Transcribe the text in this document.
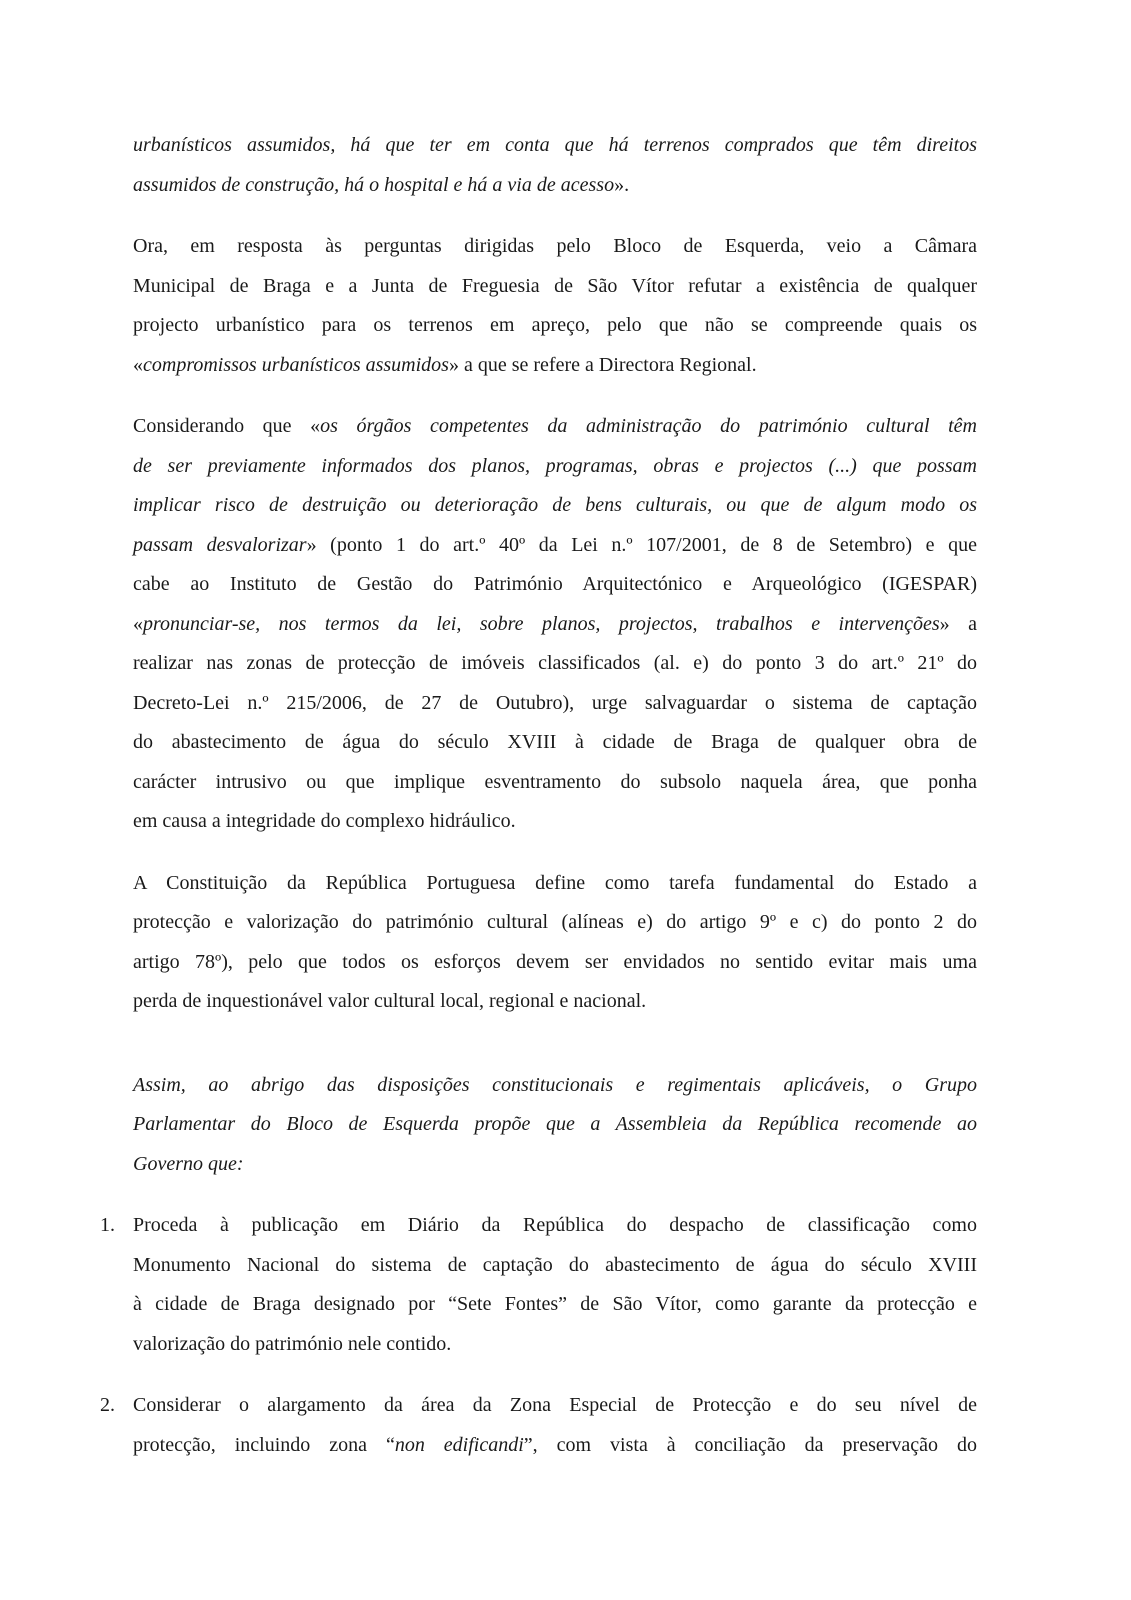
urbanísticos assumidos, há que ter em conta que há terrenos comprados que têm direitos
assumidos de construção, há o hospital e há a via de acesso».
Ora, em resposta às perguntas dirigidas pelo Bloco de Esquerda, veio a Câmara
Municipal de Braga e a Junta de Freguesia de São Vítor refutar a existência de qualquer
projecto urbanístico para os terrenos em apreço, pelo que não se compreende quais os
«compromissos urbanísticos assumidos» a que se refere a Directora Regional.
Considerando que «os órgãos competentes da administração do património cultural têm
de ser previamente informados dos planos, programas, obras e projectos (...) que possam
implicar risco de destruição ou deterioração de bens culturais, ou que de algum modo os
passam desvalorizar» (ponto 1 do art.º 40º da Lei n.º 107/2001, de 8 de Setembro) e que
cabe ao Instituto de Gestão do Património Arquitectónico e Arqueológico (IGESPAR)
«pronunciar-se, nos termos da lei, sobre planos, projectos, trabalhos e intervenções» a
realizar nas zonas de protecção de imóveis classificados (al. e) do ponto 3 do art.º 21º do
Decreto-Lei n.º 215/2006, de 27 de Outubro), urge salvaguardar o sistema de captação
do abastecimento de água do século XVIII à cidade de Braga de qualquer obra de
carácter intrusivo ou que implique esventramento do subsolo naquela área, que ponha
em causa a integridade do complexo hidráulico.
A Constituição da República Portuguesa define como tarefa fundamental do Estado a
protecção e valorização do património cultural (alíneas e) do artigo 9º e c) do ponto 2 do
artigo 78º), pelo que todos os esforços devem ser envidados no sentido evitar mais uma
perda de inquestionável valor cultural local, regional e nacional.
Assim, ao abrigo das disposições constitucionais e regimentais aplicáveis, o Grupo
Parlamentar do Bloco de Esquerda propõe que a Assembleia da República recomende ao
Governo que:
1. Proceda à publicação em Diário da República do despacho de classificação como
Monumento Nacional do sistema de captação do abastecimento de água do século XVIII
à cidade de Braga designado por “Sete Fontes” de São Vítor, como garante da protecção e
valorização do património nele contido.
2. Considerar o alargamento da área da Zona Especial de Protecção e do seu nível de
protecção, incluindo zona “non edificandi”, com vista à conciliação da preservação do
